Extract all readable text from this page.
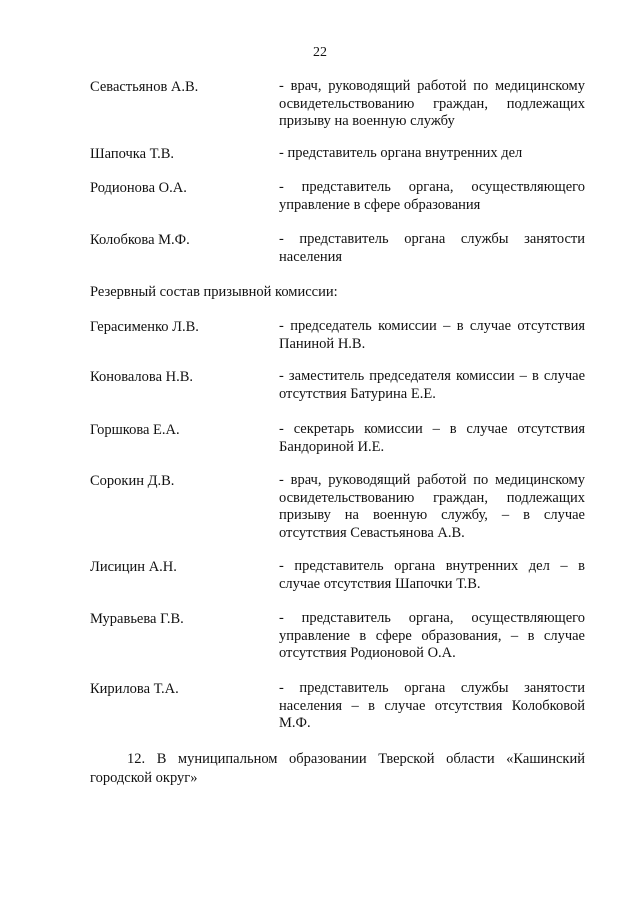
22
Севастьянов А.В.	- врач, руководящий работой по медицинскому освидетельствованию граждан, подлежащих призыву на военную службу
Шапочка Т.В.	- представитель органа внутренних дел
Родионова О.А.	- представитель органа, осуществляющего управление в сфере образования
Колобкова М.Ф.	- представитель органа службы занятости населения
Резервный состав призывной комиссии:
Герасименко Л.В.	- председатель комиссии – в случае отсутствия Паниной Н.В.
Коновалова Н.В.	- заместитель председателя комиссии – в случае отсутствия Батурина Е.Е.
Горшкова Е.А.	- секретарь комиссии – в случае отсутствия Бандориной И.Е.
Сорокин Д.В.	- врач, руководящий работой по медицинскому освидетельствованию граждан, подлежащих призыву на военную службу, – в случае отсутствия Севастьянова А.В.
Лисицин А.Н.	- представитель органа внутренних дел – в случае отсутствия Шапочки Т.В.
Муравьева Г.В.	- представитель органа, осуществляющего управление в сфере образования, – в случае отсутствия Родионовой О.А.
Кирилова Т.А.	- представитель органа службы занятости населения – в случае отсутствия Колобковой М.Ф.
12. В муниципальном образовании Тверской области «Кашинский городской округ»
